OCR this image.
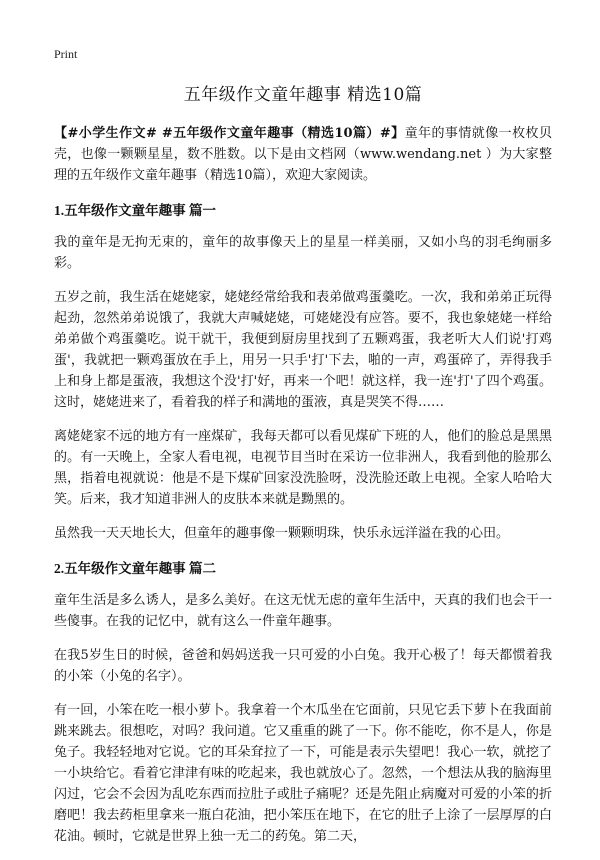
Print
五年级作文童年趣事 精选10篇

【#小学生作文# #五年级作文童年趣事（精选10篇）#】童年的事情就像一枚枚贝壳，也像一颗颗星星，数不胜数。以下是由文档网（www.wendang.net ）为大家整理的五年级作文童年趣事（精选10篇），欢迎大家阅读。

1.五年级作文童年趣事 篇一

我的童年是无拘无束的，童年的故事像天上的星星一样美丽，又如小鸟的羽毛绚丽多彩。

五岁之前，我生活在姥姥家，姥姥经常给我和表弟做鸡蛋羹吃。一次，我和弟弟正玩得起劲，忽然弟弟说饿了，我就大声喊姥姥，可姥姥没有应答。要不，我也象姥姥一样给弟弟做个鸡蛋羹吃。说干就干，我便到厨房里找到了五颗鸡蛋，我老听大人们说'打鸡蛋'，我就把一颗鸡蛋放在手上，用另一只手'打'下去，啪的一声，鸡蛋碎了，弄得我手上和身上都是蛋液，我想这个没'打'好，再来一个吧！就这样，我一连'打'了四个鸡蛋。这时，姥姥进来了，看着我的样子和满地的蛋液，真是哭笑不得……

离姥姥家不远的地方有一座煤矿，我每天都可以看见煤矿下班的人，他们的脸总是黑黑的。有一天晚上，全家人看电视，电视节目当时在采访一位非洲人，我看到他的脸那么黑，指着电视就说：他是不是下煤矿回家没洗脸呀，没洗脸还敢上电视。全家人哈哈大笑。后来，我才知道非洲人的皮肤本来就是黝黑的。

虽然我一天天地长大，但童年的趣事像一颗颗明珠，快乐永远洋溢在我的心田。

2.五年级作文童年趣事 篇二

童年生活是多么诱人，是多么美好。在这无忧无虑的童年生活中，天真的我们也会干一些傻事。在我的记忆中，就有这么一件童年趣事。

在我5岁生日的时候，爸爸和妈妈送我一只可爱的小白兔。我开心极了！每天都惯着我的小笨（小兔的名字）。

有一回，小笨在吃一根小萝卜。我拿着一个木瓜坐在它面前，只见它丢下萝卜在我面前跳来跳去。很想吃，对吗？我问道。它又重重的跳了一下。你不能吃，你不是人，你是兔子。我轻轻地对它说。它的耳朵耷拉了一下，可能是表示失望吧！我心一软，就挖了一小块给它。看着它津津有味的吃起来，我也就放心了。忽然，一个想法从我的脑海里闪过，它会不会因为乱吃东西而拉肚子或肚子痛呢？还是先阻止病魔对可爱的小笨的折磨吧！我去药柜里拿来一瓶白花油，把小笨压在地下，在它的肚子上涂了一层厚厚的白花油。顿时，它就是世界上独一无二的药兔。第二天，
